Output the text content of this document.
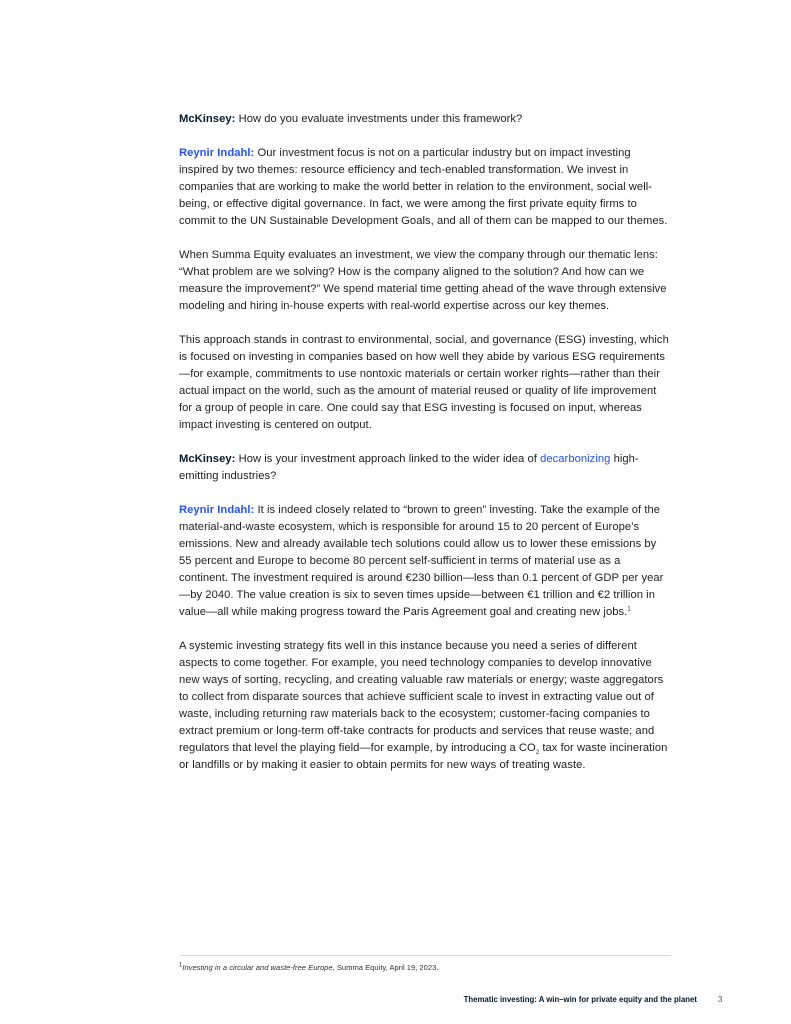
McKinsey: How do you evaluate investments under this framework?

Reynir Indahl: Our investment focus is not on a particular industry but on impact investing inspired by two themes: resource efficiency and tech-enabled transformation. We invest in companies that are working to make the world better in relation to the environment, social well-being, or effective digital governance. In fact, we were among the first private equity firms to commit to the UN Sustainable Development Goals, and all of them can be mapped to our themes.

When Summa Equity evaluates an investment, we view the company through our thematic lens: “What problem are we solving? How is the company aligned to the solution? And how can we measure the improvement?” We spend material time getting ahead of the wave through extensive modeling and hiring in-house experts with real-world expertise across our key themes.

This approach stands in contrast to environmental, social, and governance (ESG) investing, which is focused on investing in companies based on how well they abide by various ESG requirements—for example, commitments to use nontoxic materials or certain worker rights—rather than their actual impact on the world, such as the amount of material reused or quality of life improvement for a group of people in care. One could say that ESG investing is focused on input, whereas impact investing is centered on output.

McKinsey: How is your investment approach linked to the wider idea of decarbonizing high-emitting industries?

Reynir Indahl: It is indeed closely related to “brown to green” investing. Take the example of the material-and-waste ecosystem, which is responsible for around 15 to 20 percent of Europe’s emissions. New and already available tech solutions could allow us to lower these emissions by 55 percent and Europe to become 80 percent self-sufficient in terms of material use as a continent. The investment required is around €230 billion—less than 0.1 percent of GDP per year—by 2040. The value creation is six to seven times upside—between €1 trillion and €2 trillion in value—all while making progress toward the Paris Agreement goal and creating new jobs.$^1$

A systemic investing strategy fits well in this instance because you need a series of different aspects to come together. For example, you need technology companies to develop innovative new ways of sorting, recycling, and creating valuable raw materials or energy; waste aggregators to collect from disparate sources that achieve sufficient scale to invest in extracting value out of waste, including returning raw materials back to the ecosystem; customer-facing companies to extract premium or long-term off-take contracts for products and services that reuse waste; and regulators that level the playing field—for example, by introducing a $CO_2$ tax for waste incineration or landfills or by making it easier to obtain permits for new ways of treating waste.

$^1$Investing in a circular and waste-free Europe, Summa Equity, April 19, 2023.
Thematic investing: A win–win for private equity and the planet	3
